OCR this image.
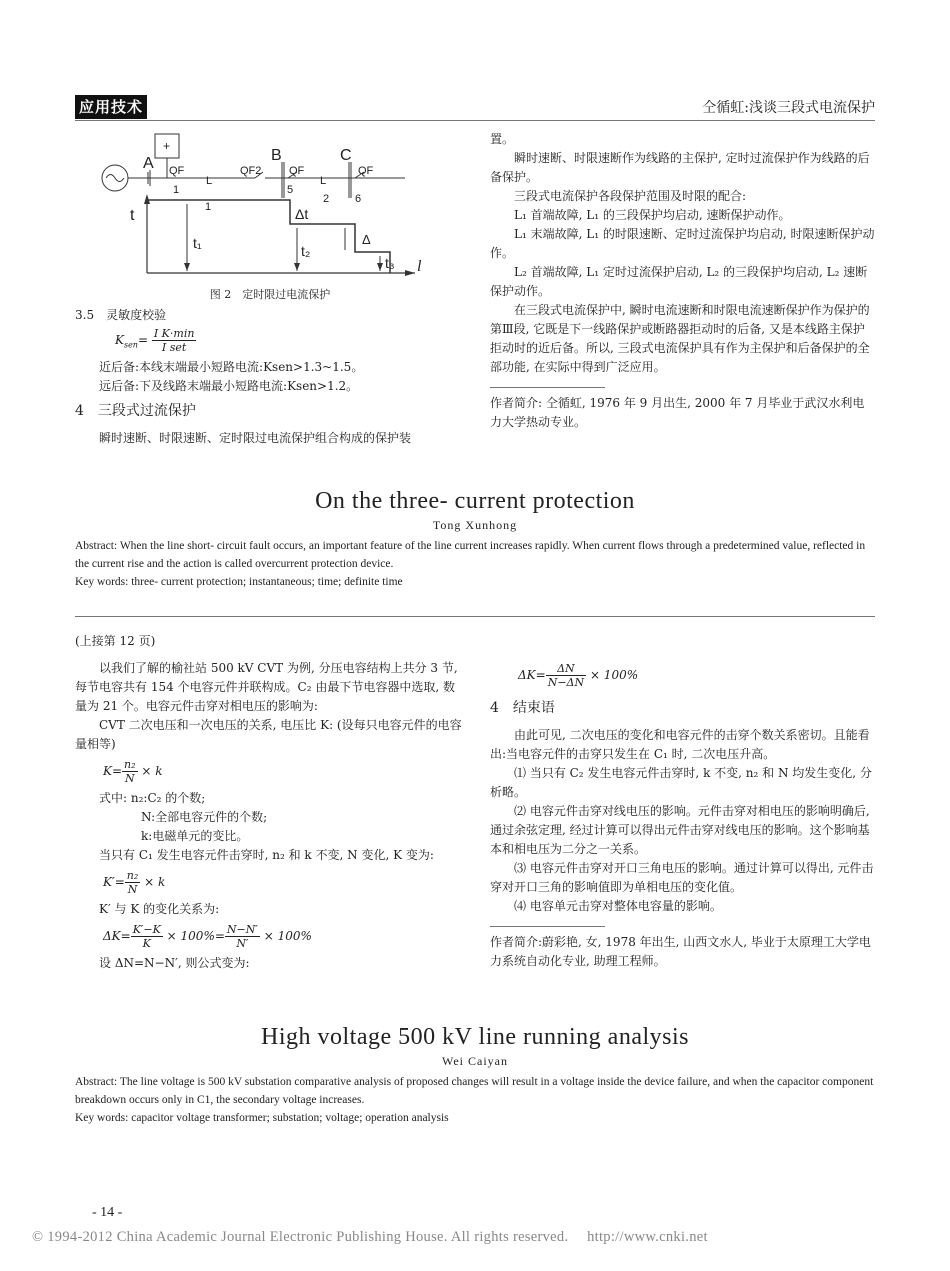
应用技术	仝循虹:浅谈三段式电流保护
A	B	C
+
QF	QF2	QF	QF
1
1
L
5
L
2 6
t
t₁	t₂
t₃
Δt
Δ
l
图 2　定时限过电流保护

3.5　灵敏度校验

$K_{sen}= \frac{\text{I K·min}}{\text{I set}}$

近后备:本线末端最小短路电流:Ksen>1.3~1.5。

远后备:下及线路末端最小短路电流:Ksen>1.2。

4　三段式过流保护

瞬时速断、时限速断、定时限过电流保护组合构成的保护装

置。

瞬时速断、时限速断作为线路的主保护, 定时过流保护作为线路的后备保护。

三段式电流保护各段保护范围及时限的配合:

L₁ 首端故障, L₁ 的三段保护均启动, 速断保护动作。

L₁ 末端故障, L₁ 的时限速断、定时过流保护均启动, 时限速断保护动作。

L₂ 首端故障, L₁ 定时过流保护启动, L₂ 的三段保护均启动, L₂ 速断保护动作。

在三段式电流保护中, 瞬时电流速断和时限电流速断保护作为保护的第Ⅲ段, 它既是下一线路保护或断路器拒动时的后备, 又是本线路主保护拒动时的近后备。所以, 三段式电流保护具有作为主保护和后备保护的全部功能, 在实际中得到广泛应用。

作者简介: 仝循虹, 1976 年 9 月出生, 2000 年 7 月毕业于武汉水利电力大学热动专业。

On the three- current protection
Tong Xunhong
Abstract: When the line short- circuit fault occurs, an important feature of the line current increases rapidly. When current flows through a predetermined value, reflected in the current rise and the action is called overcurrent protection device.
Key words: three- current protection; instantaneous; time; definite time

(上接第 12 页)

以我们了解的榆社站 500 kV CVT 为例, 分压电容结构上共分 3 节, 每节电容共有 154 个电容元件并联构成。C₂ 由最下节电容器中选取, 数量为 21 个。电容元件击穿对相电压的影响为:

CVT 二次电压和一次电压的关系, 电压比 K: (设每只电容元件的电容量相等)

$K= \frac{\text{n₂}}{N} \times k$

式中: n₂:C₂ 的个数;

N:全部电容元件的个数;

k:电磁单元的变比。

当只有 C₁ 发生电容元件击穿时, n₂ 和 k 不变, N 变化, K 变为:

$K'= \frac{\text{n₂}}{N} \times k$

K′ 与 K 的变化关系为:

$\Delta K= \frac{K'-K}{K} \times 100\%= \frac{N-N'}{N'} \times 100\%$

设 ΔN=N−N′, 则公式变为:

$\Delta K= \frac{\Delta N}{N-\Delta N} \times 100\%$

4　结束语

由此可见, 二次电压的变化和电容元件的击穿个数关系密切。且能看出:当电容元件的击穿只发生在 C₁ 时, 二次电压升高。

⑴ 当只有 C₂ 发生电容元件击穿时, k 不变, n₂ 和 N 均发生变化, 分析略。

⑵ 电容元件击穿对线电压的影响。元件击穿对相电压的影响明确后, 通过余弦定理, 经过计算可以得出元件击穿对线电压的影响。这个影响基本和相电压为二分之一关系。

⑶ 电容元件击穿对开口三角电压的影响。通过计算可以得出, 元件击穿对开口三角的影响值即为单相电压的变化值。

⑷ 电容单元击穿对整体电容量的影响。

作者简介:蔚彩艳, 女, 1978 年出生, 山西文水人, 毕业于太原理工大学电力系统自动化专业, 助理工程师。

High voltage 500 kV line running analysis
Wei Caiyan
Abstract: The line voltage is 500 kV substation comparative analysis of proposed changes will result in a voltage inside the device failure, and when the capacitor component breakdown occurs only in C1, the secondary voltage increases.
Key words: capacitor voltage transformer; substation; voltage; operation analysis
- 14 -
© 1994-2012 China Academic Journal Electronic Publishing House. All rights reserved.　 http://www.cnki.net
